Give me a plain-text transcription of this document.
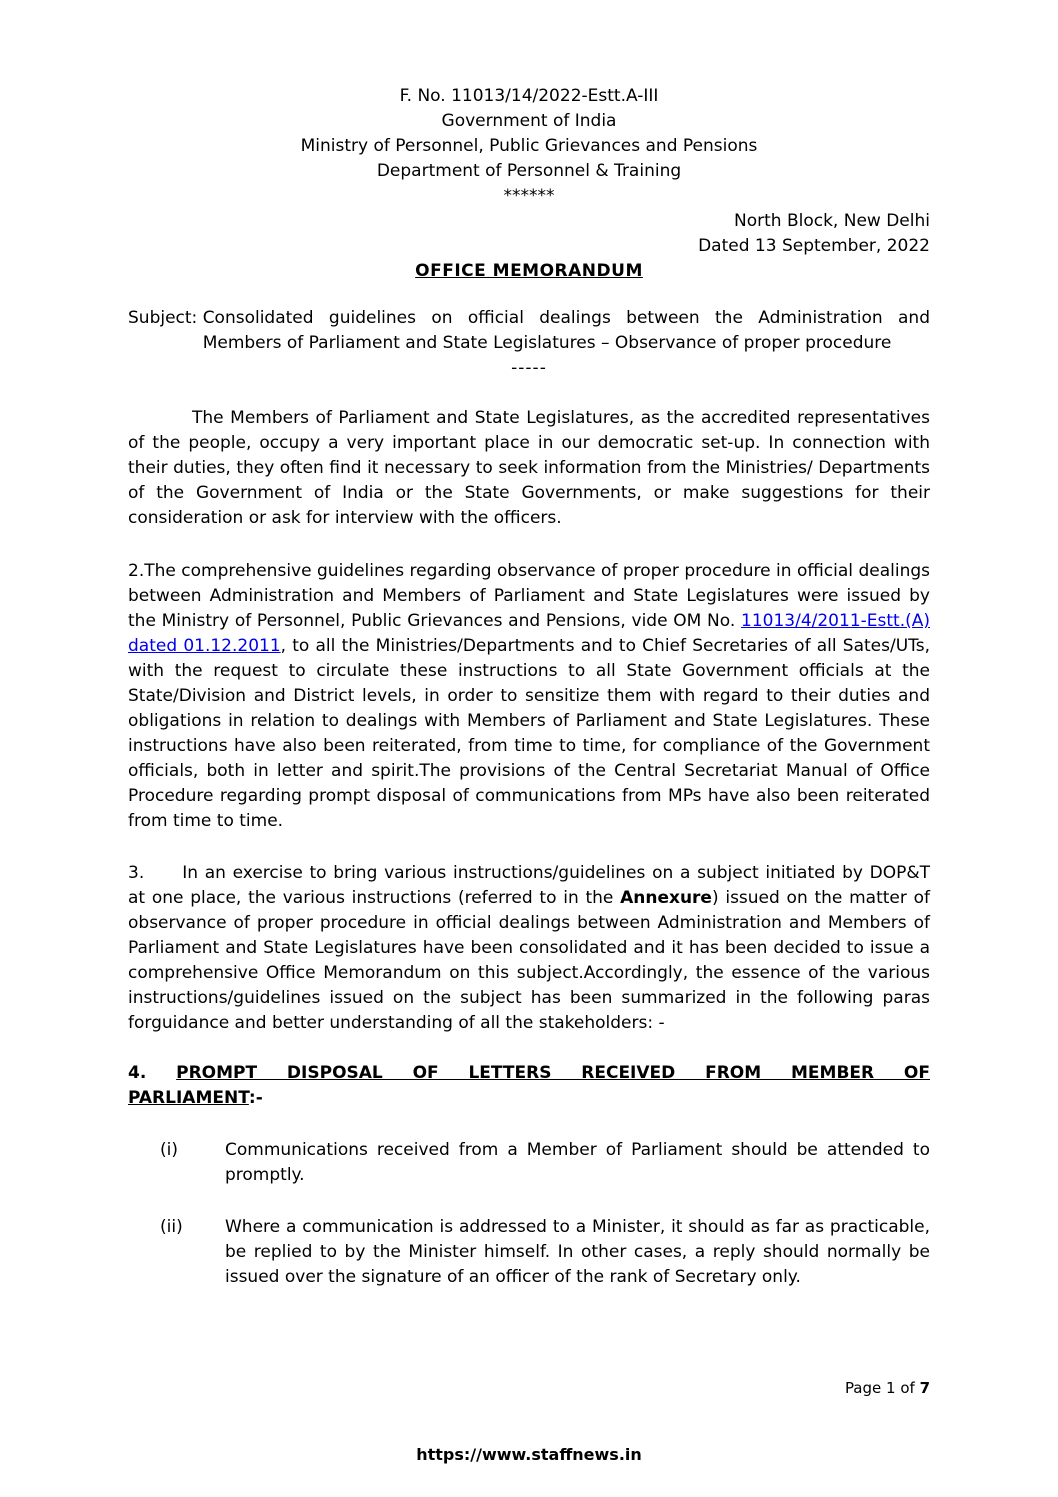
F. No. 11013/14/2022-Estt.A-III
Government of India
Ministry of Personnel, Public Grievances and Pensions
Department of Personnel & Training
******
North Block, New Delhi
Dated 13 September, 2022
OFFICE MEMORANDUM
Subject: Consolidated guidelines on official dealings between the Administration and Members of Parliament and State Legislatures – Observance of proper procedure
-----
The Members of Parliament and State Legislatures, as the accredited representatives of the people, occupy a very important place in our democratic set-up. In connection with their duties, they often find it necessary to seek information from the Ministries/ Departments of the Government of India or the State Governments, or make suggestions for their consideration or ask for interview with the officers.
2.The comprehensive guidelines regarding observance of proper procedure in official dealings between Administration and Members of Parliament and State Legislatures were issued by the Ministry of Personnel, Public Grievances and Pensions, vide OM No. 11013/4/2011-Estt.(A) dated 01.12.2011, to all the Ministries/Departments and to Chief Secretaries of all Sates/UTs, with the request to circulate these instructions to all State Government officials at the State/Division and District levels, in order to sensitize them with regard to their duties and obligations in relation to dealings with Members of Parliament and State Legislatures. These instructions have also been reiterated, from time to time, for compliance of the Government officials, both in letter and spirit.The provisions of the Central Secretariat Manual of Office Procedure regarding prompt disposal of communications from MPs have also been reiterated from time to time.
3. In an exercise to bring various instructions/guidelines on a subject initiated by DOP&T at one place, the various instructions (referred to in the Annexure) issued on the matter of observance of proper procedure in official dealings between Administration and Members of Parliament and State Legislatures have been consolidated and it has been decided to issue a comprehensive Office Memorandum on this subject.Accordingly, the essence of the various instructions/guidelines issued on the subject has been summarized in the following paras forguidance and better understanding of all the stakeholders: -
4. PROMPT DISPOSAL OF LETTERS RECEIVED FROM MEMBER OF
PARLIAMENT:-
(i)	Communications received from a Member of Parliament should be attended to promptly.
(ii)	Where a communication is addressed to a Minister, it should as far as practicable, be replied to by the Minister himself. In other cases, a reply should normally be issued over the signature of an officer of the rank of Secretary only.
Page 1 of 7
https://www.staffnews.in
